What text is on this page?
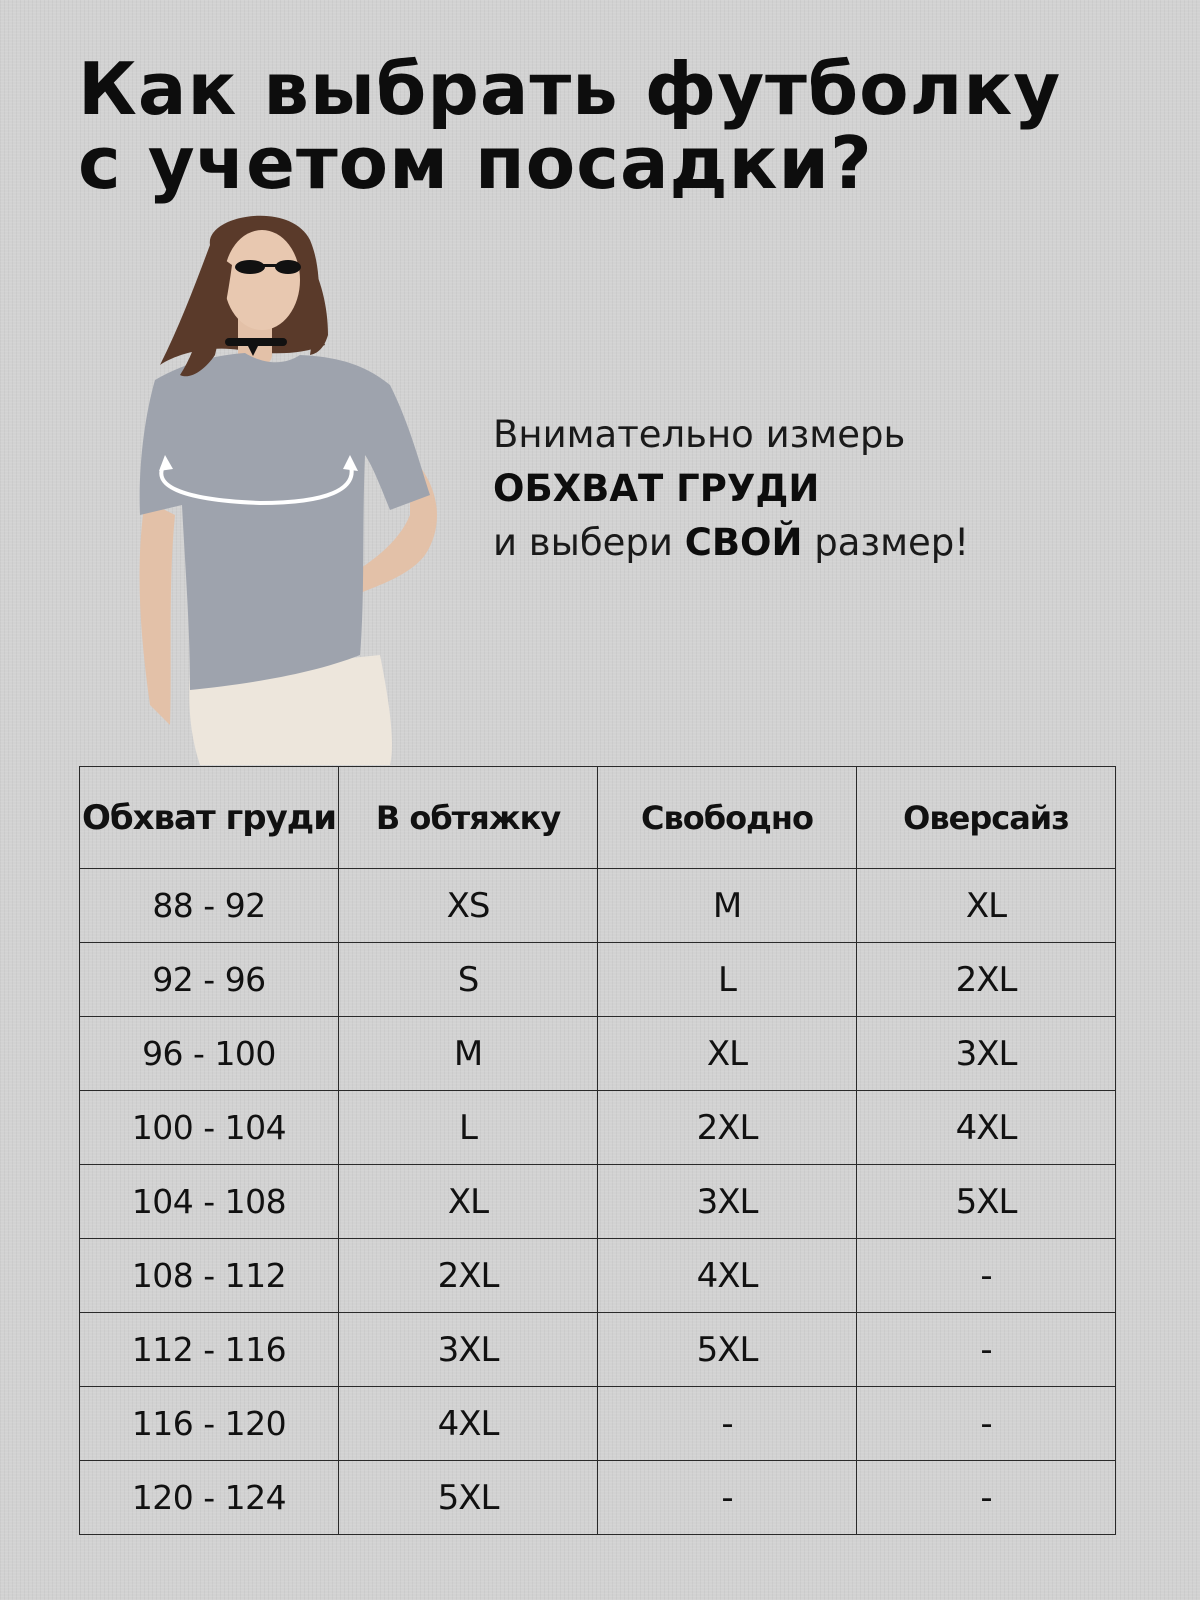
Как выбрать футболку
с учетом посадки?
Внимательно измерь
ОБХВАТ ГРУДИ
и выбери СВОЙ размер!
Обхват груди	В обтяжку	Свободно	Оверсайз
88 - 92	XS	M	XL
92 - 96	S	L	2XL
96 - 100	M	XL	3XL
100 - 104	L	2XL	4XL
104 - 108	XL	3XL	5XL
108 - 112	2XL	4XL	-
112 - 116	3XL	5XL	-
116 - 120	4XL	-	-
120 - 124	5XL	-	-
